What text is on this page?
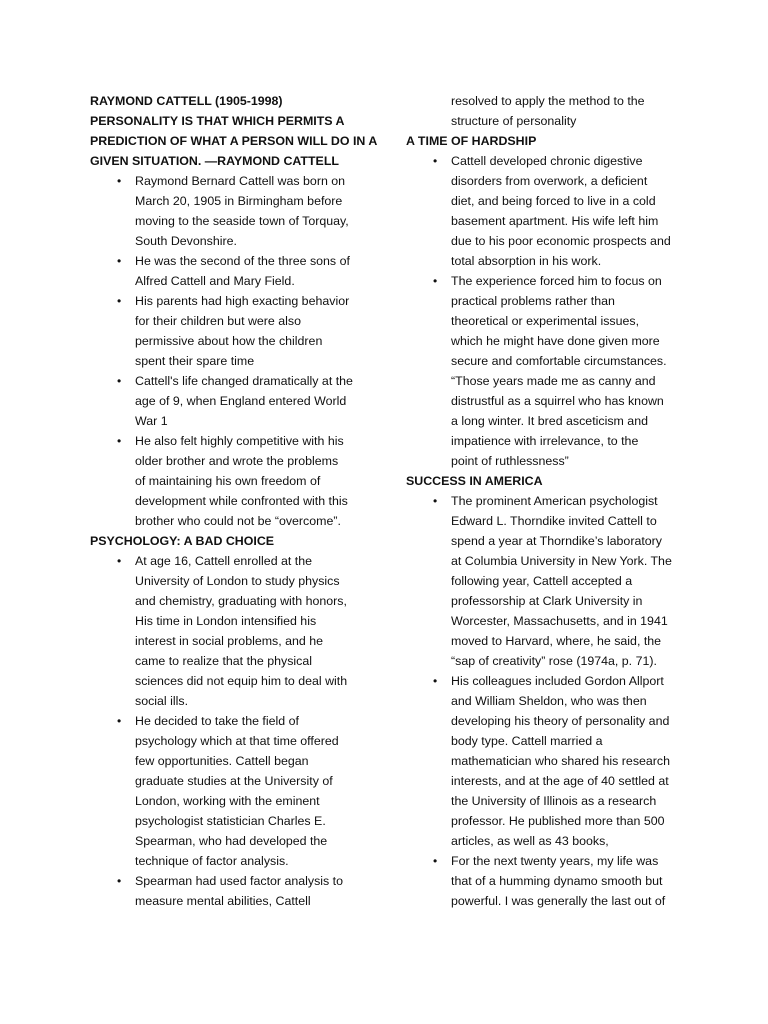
RAYMOND CATTELL (1905-1998)
PERSONALITY IS THAT WHICH PERMITS A
PREDICTION OF WHAT A PERSON WILL DO IN A
GIVEN SITUATION. —RAYMOND CATTELL
• Raymond Bernard Cattell was born on
March 20, 1905 in Birmingham before
moving to the seaside town of Torquay,
South Devonshire.
• He was the second of the three sons of
Alfred Cattell and Mary Field.
• His parents had high exacting behavior
for their children but were also
permissive about how the children
spent their spare time
• Cattell's life changed dramatically at the
age of 9, when England entered World
War 1
• He also felt highly competitive with his
older brother and wrote the problems
of maintaining his own freedom of
development while confronted with this
brother who could not be “overcome”.
PSYCHOLOGY: A BAD CHOICE
• At age 16, Cattell enrolled at the
University of London to study physics
and chemistry, graduating with honors,
His time in London intensified his
interest in social problems, and he
came to realize that the physical
sciences did not equip him to deal with
social ills.
• He decided to take the field of
psychology which at that time offered
few opportunities. Cattell began
graduate studies at the University of
London, working with the eminent
psychologist statistician Charles E.
Spearman, who had developed the
technique of factor analysis.
• Spearman had used factor analysis to
measure mental abilities, Cattell
resolved to apply the method to the
structure of personality
A TIME OF HARDSHIP
• Cattell developed chronic digestive
disorders from overwork, a deficient
diet, and being forced to live in a cold
basement apartment. His wife left him
due to his poor economic prospects and
total absorption in his work.
• The experience forced him to focus on
practical problems rather than
theoretical or experimental issues,
which he might have done given more
secure and comfortable circumstances.
“Those years made me as canny and
distrustful as a squirrel who has known
a long winter. It bred asceticism and
impatience with irrelevance, to the
point of ruthlessness”
SUCCESS IN AMERICA
• The prominent American psychologist
Edward L. Thorndike invited Cattell to
spend a year at Thorndike’s laboratory
at Columbia University in New York. The
following year, Cattell accepted a
professorship at Clark University in
Worcester, Massachusetts, and in 1941
moved to Harvard, where, he said, the
“sap of creativity” rose (1974a, p. 71).
• His colleagues included Gordon Allport
and William Sheldon, who was then
developing his theory of personality and
body type. Cattell married a
mathematician who shared his research
interests, and at the age of 40 settled at
the University of Illinois as a research
professor. He published more than 500
articles, as well as 43 books,
• For the next twenty years, my life was
that of a humming dynamo smooth but
powerful. I was generally the last out of
